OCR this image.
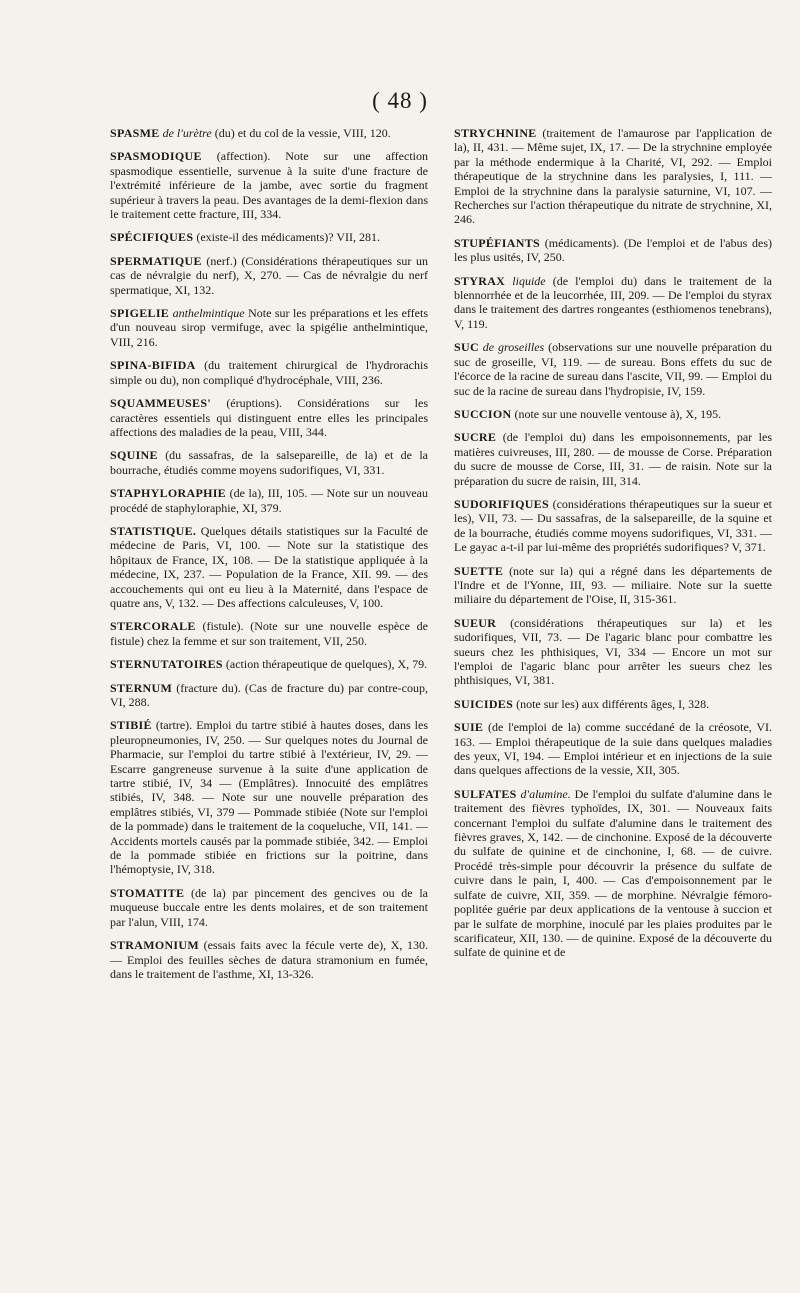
( 48 )

SPASME de l'urètre (du) et du col de la vessie, VIII, 120.

SPASMODIQUE (affection). Note sur une affection spasmodique essentielle, survenue à la suite d'une fracture de l'extrémité inférieure de la jambe, avec sortie du fragment supérieur à travers la peau. Des avantages de la demi-flexion dans le traitement cette fracture, III, 334.

SPÉCIFIQUES (existe-il des médicaments)? VII, 281.

SPERMATIQUE (nerf.) (Considérations thérapeutiques sur un cas de névralgie du nerf), X, 270. — Cas de névralgie du nerf spermatique, XI, 132.

SPIGELIE anthelmintique Note sur les préparations et les effets d'un nouveau sirop vermifuge, avec la spigélie anthelmintique, VIII, 216.

SPINA-BIFIDA (du traitement chirurgical de l'hydrorachis simple ou du), non compliqué d'hydrocéphale, VIII, 236.

SQUAMMEUSES' (éruptions). Considérations sur les caractères essentiels qui distinguent entre elles les principales affections des maladies de la peau, VIII, 344.

SQUINE (du sassafras, de la salsepareille, de la) et de la bourrache, étudiés comme moyens sudorifiques, VI, 331.

STAPHYLORAPHIE (de la), III, 105. — Note sur un nouveau procédé de staphyloraphie, XI, 379.

STATISTIQUE. Quelques détails statistiques sur la Faculté de médecine de Paris, VI, 100. — Note sur la statistique des hôpitaux de France, IX, 108. — De la statistique appliquée à la médecine, IX, 237. — Population de la France, XII. 99. — des accouchements qui ont eu lieu à la Maternité, dans l'espace de quatre ans, V, 132. — Des affections calculeuses, V, 100.

STERCORALE (fistule). (Note sur une nouvelle espèce de fistule) chez la femme et sur son traitement, VII, 250.

STERNUTATOIRES (action thérapeutique de quelques), X, 79.

STERNUM (fracture du). (Cas de fracture du) par contre-coup, VI, 288.

STIBIÉ (tartre). Emploi du tartre stibié à hautes doses, dans les pleuropneumonies, IV, 250. — Sur quelques notes du Journal de Pharmacie, sur l'emploi du tartre stibié à l'extérieur, IV, 29. — Escarre gangreneuse survenue à la suite d'une application de tartre stibié, IV, 34 — (Emplâtres). Innocuité des emplâtres stibiés, IV, 348. — Note sur une nouvelle préparation des emplâtres stibiés, VI, 379 — Pommade stibiée (Note sur l'emploi de la pommade) dans le traitement de la coqueluche, VII, 141. — Accidents mortels causés par la pommade stibiée, 342. — Emploi de la pommade stibiée en frictions sur la poitrine, dans l'hémoptysie, IV, 318.

STOMATITE (de la) par pincement des gencives ou de la muqueuse buccale entre les dents molaires, et de son traitement par l'alun, VIII, 174.

STRAMONIUM (essais faits avec la fécule verte de), X, 130. — Emploi des feuilles sèches de datura stramonium en fumée, dans le traitement de l'asthme, XI, 13-326.

STRYCHNINE (traitement de l'amaurose par l'application de la), II, 431. — Même sujet, IX, 17. — De la strychnine employée par la méthode endermique à la Charité, VI, 292. — Emploi thérapeutique de la strychnine dans les paralysies, I, 111. — Emploi de la strychnine dans la paralysie saturnine, VI, 107. — Recherches sur l'action thérapeutique du nitrate de strychnine, XI, 246.

STUPÉFIANTS (médicaments). (De l'emploi et de l'abus des) les plus usités, IV, 250.

STYRAX liquide (de l'emploi du) dans le traitement de la blennorrhée et de la leucorrhée, III, 209. — De l'emploi du styrax dans le traitement des dartres rongeantes (esthiomenos tenebrans), V, 119.

SUC de groseilles (observations sur une nouvelle préparation du suc de groseille, VI, 119. — de sureau. Bons effets du suc de l'écorce de la racine de sureau dans l'ascite, VII, 99. — Emploi du suc de la racine de sureau dans l'hydropisie, IV, 159.

SUCCION (note sur une nouvelle ventouse à), X, 195.

SUCRE (de l'emploi du) dans les empoisonnements, par les matières cuivreuses, III, 280. — de mousse de Corse. Préparation du sucre de mousse de Corse, III, 31. — de raisin. Note sur la préparation du sucre de raisin, III, 314.

SUDORIFIQUES (considérations thérapeutiques sur la sueur et les), VII, 73. — Du sassafras, de la salsepareille, de la squine et de la bourrache, étudiés comme moyens sudorifiques, VI, 331. — Le gayac a-t-il par lui-même des propriétés sudorifiques? V, 371.

SUETTE (note sur la) qui a régné dans les départements de l'Indre et de l'Yonne, III, 93. — miliaire. Note sur la suette miliaire du département de l'Oise, II, 315-361.

SUEUR (considérations thérapeutiques sur la) et les sudorifiques, VII, 73. — De l'agaric blanc pour combattre les sueurs chez les phthisiques, VI, 334 — Encore un mot sur l'emploi de l'agaric blanc pour arrêter les sueurs chez les phthisiques, VI, 381.

SUICIDES (note sur les) aux différents âges, I, 328.

SUIE (de l'emploi de la) comme succédané de la créosote, VI. 163. — Emploi thérapeutique de la suie dans quelques maladies des yeux, VI, 194. — Emploi intérieur et en injections de la suie dans quelques affections de la vessie, XII, 305.

SULFATES d'alumine. De l'emploi du sulfate d'alumine dans le traitement des fièvres typhoïdes, IX, 301. — Nouveaux faits concernant l'emploi du sulfate d'alumine dans le traitement des fièvres graves, X, 142. — de cinchonine. Exposé de la découverte du sulfate de quinine et de cinchonine, I, 68. — de cuivre. Procédé très-simple pour découvrir la présence du sulfate de cuivre dans le pain, I, 400. — Cas d'empoisonnement par le sulfate de cuivre, XII, 359. — de morphine. Névralgie fémoro-poplitée guérie par deux applications de la ventouse à succion et par le sulfate de morphine, inoculé par les plaies produites par le scarificateur, XII, 130. — de quinine. Exposé de la découverte du sulfate de quinine et de
